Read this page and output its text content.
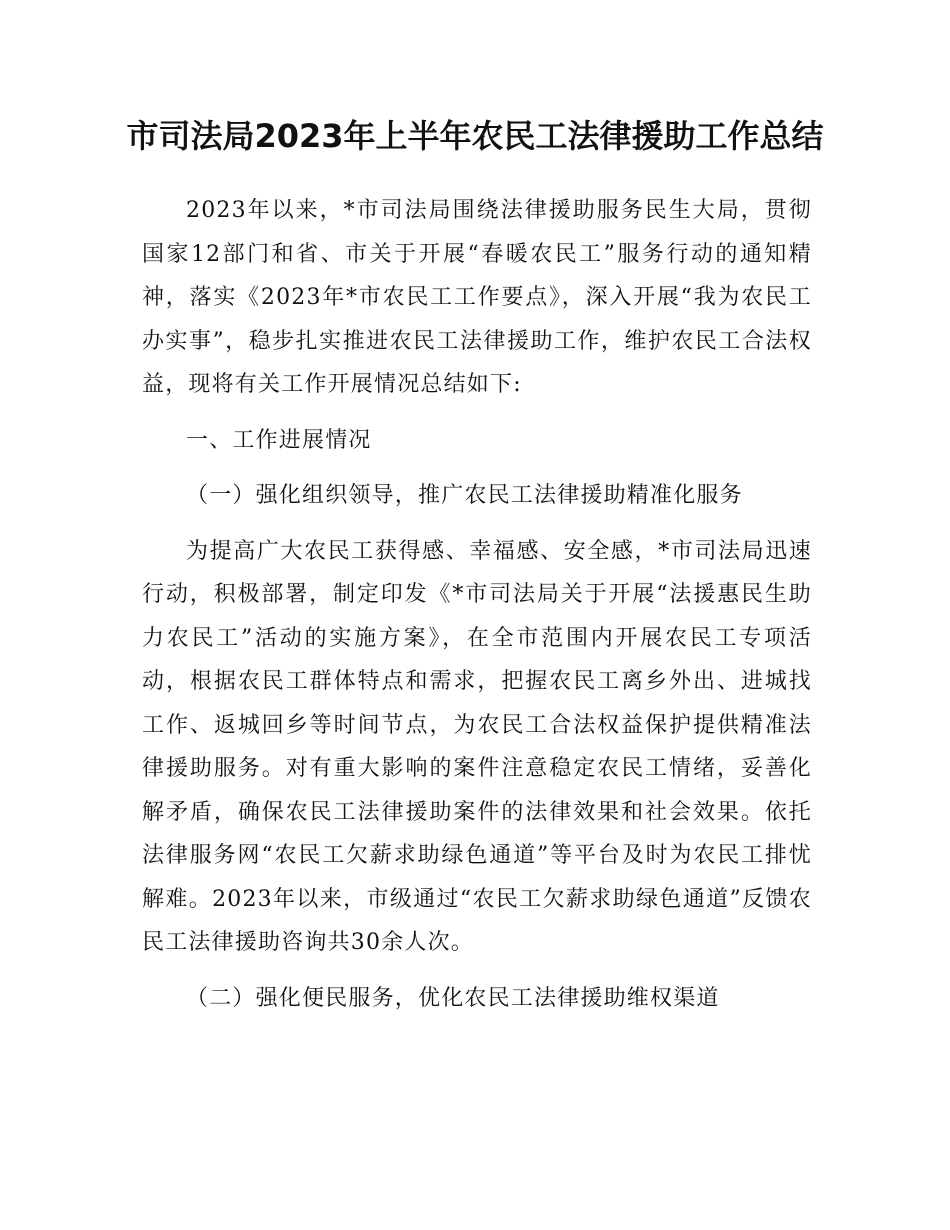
市司法局2023年上半年农民工法律援助工作总结

2023年以来，*市司法局围绕法律援助服务民生大局，贯彻国家12部门和省、市关于开展“春暖农民工”服务行动的通知精神，落实《2023年*市农民工工作要点》，深入开展“我为农民工办实事”，稳步扎实推进农民工法律援助工作，维护农民工合法权益，现将有关工作开展情况总结如下:

一、工作进展情况

（一）强化组织领导，推广农民工法律援助精准化服务

为提高广大农民工获得感、幸福感、安全感，*市司法局迅速行动，积极部署，制定印发《*市司法局关于开展“法援惠民生助力农民工”活动的实施方案》，在全市范围内开展农民工专项活动，根据农民工群体特点和需求，把握农民工离乡外出、进城找工作、返城回乡等时间节点，为农民工合法权益保护提供精准法律援助服务。对有重大影响的案件注意稳定农民工情绪，妥善化解矛盾，确保农民工法律援助案件的法律效果和社会效果。依托法律服务网“农民工欠薪求助绿色通道”等平台及时为农民工排忧解难。2023年以来，市级通过“农民工欠薪求助绿色通道”反馈农民工法律援助咨询共30余人次。

（二）强化便民服务，优化农民工法律援助维权渠道
